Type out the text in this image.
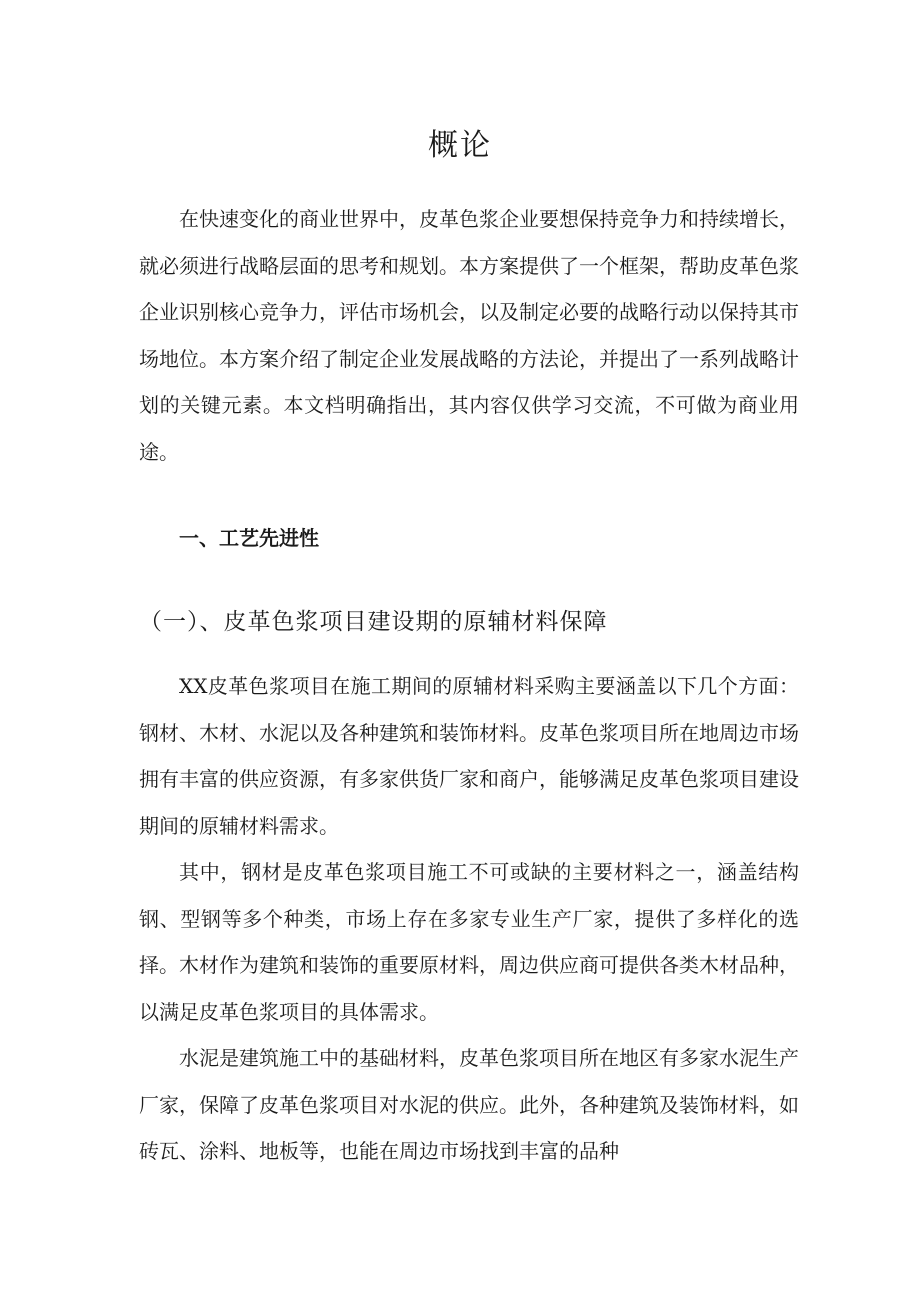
概论

在快速变化的商业世界中，皮革色浆企业要想保持竞争力和持续增长，就必须进行战略层面的思考和规划。本方案提供了一个框架，帮助皮革色浆企业识别核心竞争力，评估市场机会，以及制定必要的战略行动以保持其市场地位。本方案介绍了制定企业发展战略的方法论，并提出了一系列战略计划的关键元素。本文档明确指出，其内容仅供学习交流，不可做为商业用途。

一、工艺先进性
（一）、皮革色浆项目建设期的原辅材料保障

XX皮革色浆项目在施工期间的原辅材料采购主要涵盖以下几个方面：钢材、木材、水泥以及各种建筑和装饰材料。皮革色浆项目所在地周边市场拥有丰富的供应资源，有多家供货厂家和商户，能够满足皮革色浆项目建设期间的原辅材料需求。

其中，钢材是皮革色浆项目施工不可或缺的主要材料之一，涵盖结构钢、型钢等多个种类，市场上存在多家专业生产厂家，提供了多样化的选择。木材作为建筑和装饰的重要原材料，周边供应商可提供各类木材品种，以满足皮革色浆项目的具体需求。

水泥是建筑施工中的基础材料，皮革色浆项目所在地区有多家水泥生产厂家，保障了皮革色浆项目对水泥的供应。此外，各种建筑及装饰材料，如砖瓦、涂料、地板等，也能在周边市场找到丰富的品种
